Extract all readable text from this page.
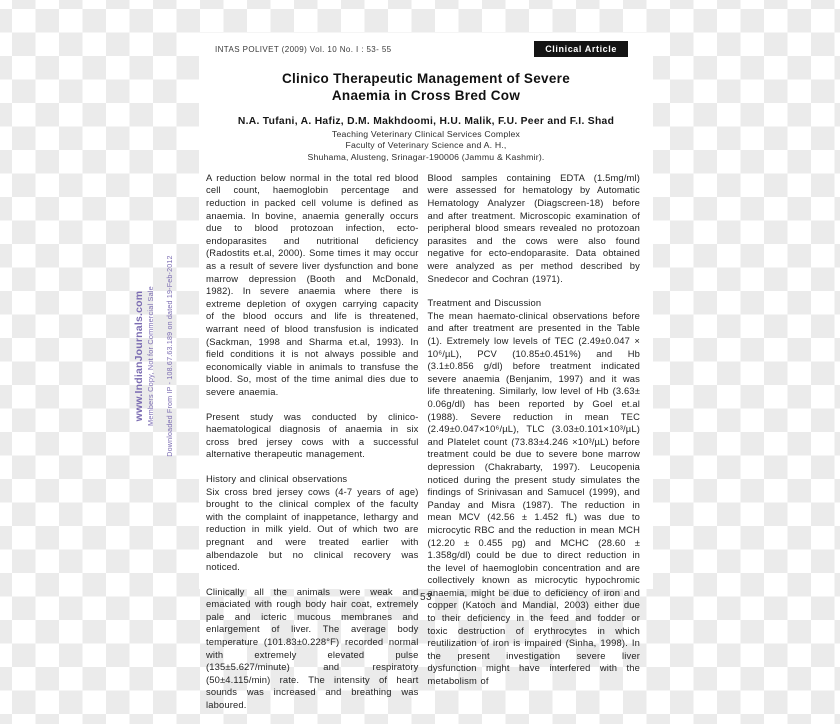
www.IndianJournals.com Members Copy, Not for Commercial Sale Downloaded From IP - 108.67.63.189 on dated 19-Feb-2012
INTAS POLIVET (2009) Vol. 10 No. I : 53- 55	Clinical Article
Clinico Therapeutic Management of Severe
Anaemia in Cross Bred Cow
N.A. Tufani, A. Hafiz, D.M. Makhdoomi, H.U. Malik, F.U. Peer and F.I. Shad
Teaching Veterinary Clinical Services Complex
Faculty of Veterinary Science and A. H.,
Shuhama, Alusteng, Srinagar-190006 (Jammu & Kashmir).

A reduction below normal in the total red blood cell count, haemoglobin percentage and reduction in packed cell volume is defined as anaemia. In bovine, anaemia generally occurs due to blood protozoan infection, ecto-endoparasites and nutritional deficiency (Radostits et.al, 2000). Some times it may occur as a result of severe liver dysfunction and bone marrow depression (Booth and McDonald, 1982). In severe anaemia where there is extreme depletion of oxygen carrying capacity of the blood occurs and life is threatened, warrant need of blood transfusion is indicated (Sackman, 1998 and Sharma et.al, 1993). In field conditions it is not always possible and economically viable in animals to transfuse the blood. So, most of the time animal dies due to severe anaemia.

Present study was conducted by clinico-haematological diagnosis of anaemia in six cross bred jersey cows with a successful alternative therapeutic management.

History and clinical observations

Six cross bred jersey cows (4-7 years of age) brought to the clinical complex of the faculty with the complaint of inappetance, lethargy and reduction in milk yield. Out of which two are pregnant and were treated earlier with albendazole but no clinical recovery was noticed.

Clinically all the animals were weak and emaciated with rough body hair coat, extremely pale and icteric mucous membranes and enlargement of liver. The average body temperature (101.83±0.228°F) recorded normal with extremely elevated pulse (135±5.627/minute) and respiratory (50±4.115/min) rate. The intensity of heart sounds was increased and breathing was laboured.

Blood samples containing EDTA (1.5mg/ml) were assessed for hematology by Automatic Hematology Analyzer (Diagscreen-18) before and after treatment. Microscopic examination of peripheral blood smears revealed no protozoan parasites and the cows were also found negative for ecto-endoparasite. Data obtained were analyzed as per method described by Snedecor and Cochran (1971).

Treatment and Discussion

The mean haemato-clinical observations before and after treatment are presented in the Table (1). Extremely low levels of TEC (2.49±0.047 × 10⁶/µL), PCV (10.85±0.451%) and Hb (3.1±0.856 g/dl) before treatment indicated severe anaemia (Benjanim, 1997) and it was life threatening. Similarly, low level of Hb (3.63± 0.06g/dl) has been reported by Goel et.al (1988). Severe reduction in mean TEC (2.49±0.047×10⁶/µL), TLC (3.03±0.101×10³/µL) and Platelet count (73.83±4.246 ×10³/µL) before treatment could be due to severe bone marrow depression (Chakrabarty, 1997). Leucopenia noticed during the present study simulates the findings of Srinivasan and Samucel (1999), and Panday and Misra (1987). The reduction in mean MCV (42.56 ± 1.452 fL) was due to microcytic RBC and the reduction in mean MCH (12.20 ± 0.455 pg) and MCHC (28.60 ± 1.358g/dl) could be due to direct reduction in the level of haemoglobin concentration and are collectively known as microcytic hypochromic anaemia, might be due to deficiency of iron and copper (Katoch and Mandial, 2003) either due to their deficiency in the feed and fodder or toxic destruction of erythrocytes in which reutilization of iron is impaired (Sinha, 1998). In the present investigation severe liver dysfunction might have interfered with the metabolism of

53
